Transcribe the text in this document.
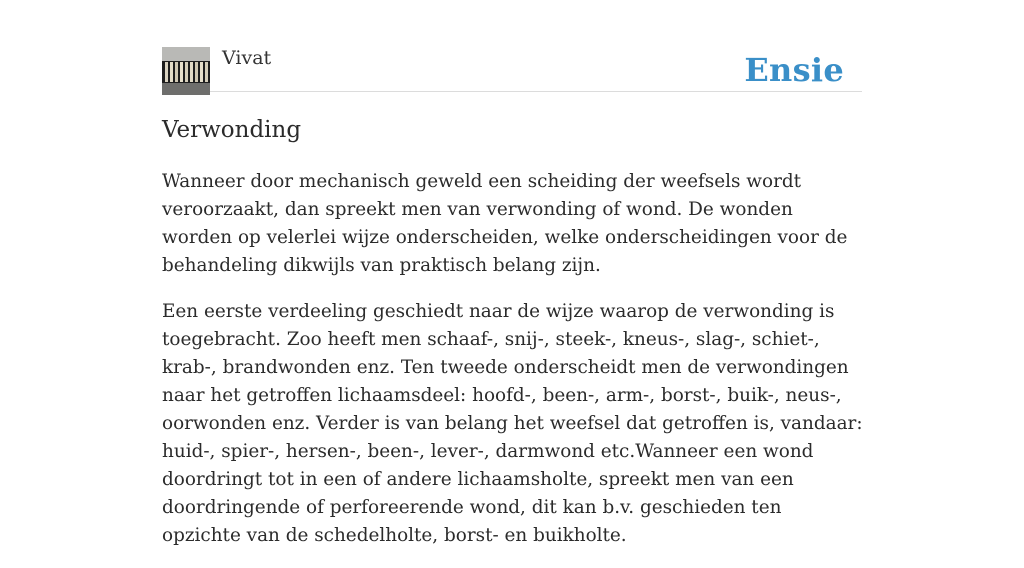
Vivat	Ensie
Verwonding

Wanneer door mechanisch geweld een scheiding der weefsels wordt veroorzaakt, dan spreekt men van verwonding of wond. De wonden worden op velerlei wijze onderscheiden, welke onderscheidingen voor de behandeling dikwijls van praktisch belang zijn.

Een eerste verdeeling geschiedt naar de wijze waarop de verwonding is toegebracht. Zoo heeft men schaaf-, snij-, steek-, kneus-, slag-, schiet-, krab-, brandwonden enz. Ten tweede onderscheidt men de verwondingen naar het getroffen lichaamsdeel: hoofd-, been-, arm-, borst-, buik-, neus-, oorwonden enz. Verder is van belang het weefsel dat getroffen is, vandaar: huid-, spier-, hersen-, been-, lever-, darmwond etc.Wanneer een wond doordringt tot in een of andere lichaamsholte, spreekt men van een doordringende of perforeerende wond, dit kan b.v. geschieden ten opzichte van de schedelholte, borst- en buikholte.
